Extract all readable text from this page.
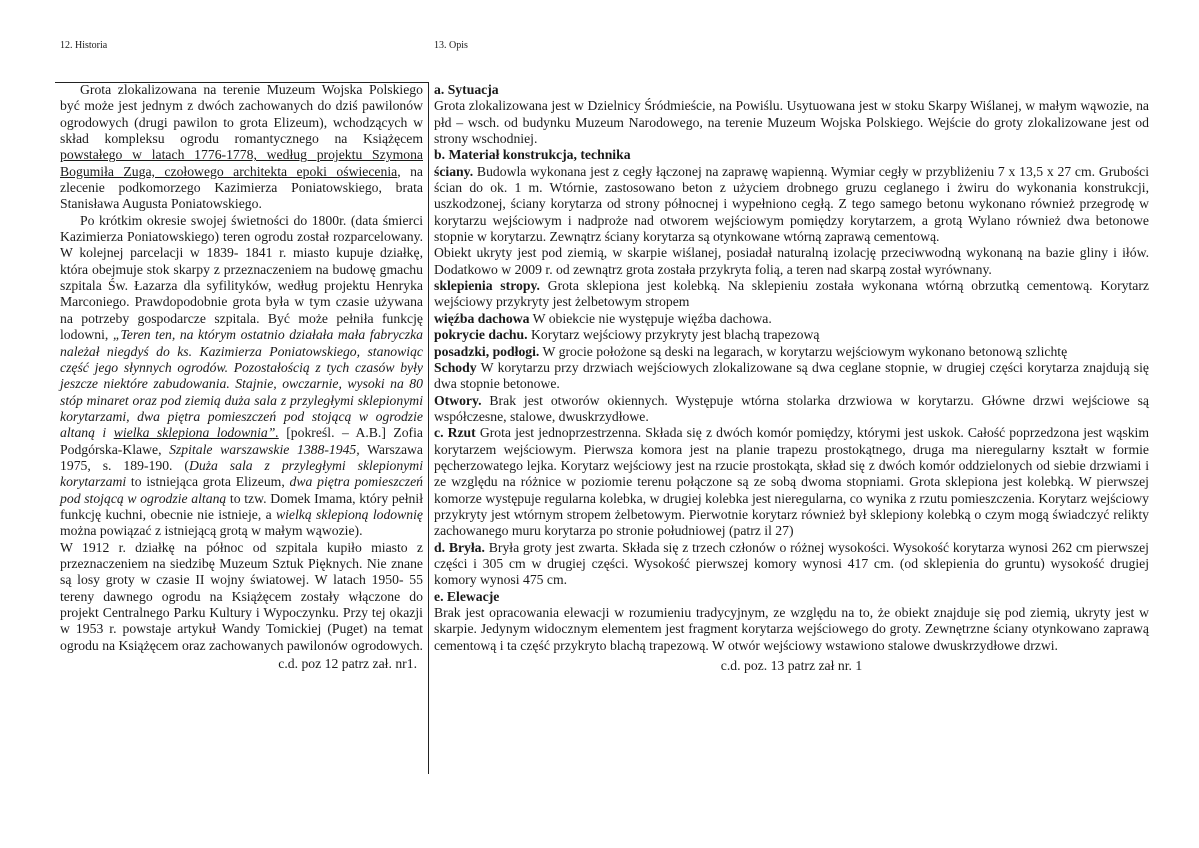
12. Historia	13. Opis

Grota zlokalizowana na terenie Muzeum Wojska Polskiego być może jest jednym z dwóch zachowanych do dziś pawilonów ogrodowych (drugi pawilon to grota Elizeum), wchodzących w skład kompleksu ogrodu romantycznego na Książęcem powstałego w latach 1776-1778, według projektu Szymona Bogumiła Zuga, czołowego architekta epoki oświecenia, na zlecenie podkomorzego Kazimierza Poniatowskiego, brata Stanisława Augusta Poniatowskiego.

Po krótkim okresie swojej świetności do 1800r. (data śmierci Kazimierza Poniatowskiego) teren ogrodu został rozparcelowany. W kolejnej parcelacji w 1839- 1841 r. miasto kupuje działkę, która obejmuje stok skarpy z przeznaczeniem na budowę gmachu szpitala Św. Łazarza dla syfilityków, według projektu Henryka Marconiego. Prawdopodobnie grota była w tym czasie używana na potrzeby gospodarcze szpitala. Być może pełniła funkcję lodowni, „Teren ten, na którym ostatnio działała mała fabryczka należał niegdyś do ks. Kazimierza Poniatowskiego, stanowiąc część jego słynnych ogrodów. Pozostałością z tych czasów były jeszcze niektóre zabudowania. Stajnie, owczarnie, wysoki na 80 stóp minaret oraz pod ziemią duża sala z przyległymi sklepionymi korytarzami, dwa piętra pomieszczeń pod stojącą w ogrodzie altaną i wielka sklepiona lodownia”. [pokreśl. – A.B.] Zofia Podgórska-Klawe, Szpitale warszawskie 1388-1945, Warszawa 1975, s. 189-190. (Duża sala z przyległymi sklepionymi korytarzami to istniejąca grota Elizeum, dwa piętra pomieszczeń pod stojącą w ogrodzie altaną to tzw. Domek Imama, który pełnił funkcję kuchni, obecnie nie istnieje, a wielką sklepioną lodownię można powiązać z istniejącą grotą w małym wąwozie).

W 1912 r. działkę na północ od szpitala kupiło miasto z przeznaczeniem na siedzibę Muzeum Sztuk Pięknych. Nie znane są losy groty w czasie II wojny światowej. W latach 1950- 55 tereny dawnego ogrodu na Książęcem zostały włączone do projekt Centralnego Parku Kultury i Wypoczynku. Przy tej okazji w 1953 r. powstaje artykuł Wandy Tomickiej (Puget) na temat ogrodu na Książęcem oraz zachowanych pawilonów ogrodowych.

c.d. poz 12 patrz zał. nr1.

a. Sytuacja

Grota zlokalizowana jest w Dzielnicy Śródmieście, na Powiślu. Usytuowana jest w stoku Skarpy Wiślanej, w małym wąwozie, na płd – wsch. od budynku Muzeum Narodowego, na terenie Muzeum Wojska Polskiego. Wejście do groty zlokalizowane jest od strony wschodniej.

b. Materiał konstrukcja, technika

ściany. Budowla wykonana jest z cegły łączonej na zaprawę wapienną. Wymiar cegły w przybliżeniu 7 x 13,5 x 27 cm. Grubości ścian do ok. 1 m. Wtórnie, zastosowano beton z użyciem drobnego gruzu ceglanego i żwiru do wykonania konstrukcji, uszkodzonej, ściany korytarza od strony północnej i wypełniono cegłą. Z tego samego betonu wykonano również przegrodę w korytarzu wejściowym i nadproże nad otworem wejściowym pomiędzy korytarzem, a grotą Wylano również dwa betonowe stopnie w korytarzu. Zewnątrz ściany korytarza są otynkowane wtórną zaprawą cementową.

Obiekt ukryty jest pod ziemią, w skarpie wiślanej, posiadał naturalną izolację przeciwwodną wykonaną na bazie gliny i iłów. Dodatkowo w 2009 r. od zewnątrz grota została przykryta folią, a teren nad skarpą został wyrównany.

sklepienia stropy. Grota sklepiona jest kolebką. Na sklepieniu została wykonana wtórną obrzutką cementową. Korytarz wejściowy przykryty jest żelbetowym stropem

więźba dachowa W obiekcie nie występuje więźba dachowa.

pokrycie dachu. Korytarz wejściowy przykryty jest blachą trapezową

posadzki, podłogi. W grocie położone są deski na legarach, w korytarzu wejściowym wykonano betonową szlichtę

Schody W korytarzu przy drzwiach wejściowych zlokalizowane są dwa ceglane stopnie, w drugiej części korytarza znajdują się dwa stopnie betonowe.

Otwory. Brak jest otworów okiennych. Występuje wtórna stolarka drzwiowa w korytarzu. Główne drzwi wejściowe są współczesne, stalowe, dwuskrzydłowe.

c. Rzut Grota jest jednoprzestrzenna. Składa się z dwóch komór pomiędzy, którymi jest uskok. Całość poprzedzona jest wąskim korytarzem wejściowym. Pierwsza komora jest na planie trapezu prostokątnego, druga ma nieregularny kształt w formie pęcherzowatego lejka. Korytarz wejściowy jest na rzucie prostokąta, skład się z dwóch komór oddzielonych od siebie drzwiami i ze względu na różnice w poziomie terenu połączone są ze sobą dwoma stopniami. Grota sklepiona jest kolebką. W pierwszej komorze występuje regularna kolebka, w drugiej kolebka jest nieregularna, co wynika z rzutu pomieszczenia. Korytarz wejściowy przykryty jest wtórnym stropem żelbetowym. Pierwotnie korytarz również był sklepiony kolebką o czym mogą świadczyć relikty zachowanego muru korytarza po stronie południowej (patrz il 27)

d. Bryła. Bryła groty jest zwarta. Składa się z trzech członów o różnej wysokości. Wysokość korytarza wynosi 262 cm pierwszej części i 305 cm w drugiej części. Wysokość pierwszej komory wynosi 417 cm. (od sklepienia do gruntu) wysokość drugiej komory wynosi 475 cm.

e. Elewacje

Brak jest opracowania elewacji w rozumieniu tradycyjnym, ze względu na to, że obiekt znajduje się pod ziemią, ukryty jest w skarpie. Jedynym widocznym elementem jest fragment korytarza wejściowego do groty. Zewnętrzne ściany otynkowano zaprawą cementową i ta część przykryto blachą trapezową. W otwór wejściowy wstawiono stalowe dwuskrzydłowe drzwi.

c.d. poz. 13 patrz zał nr. 1
